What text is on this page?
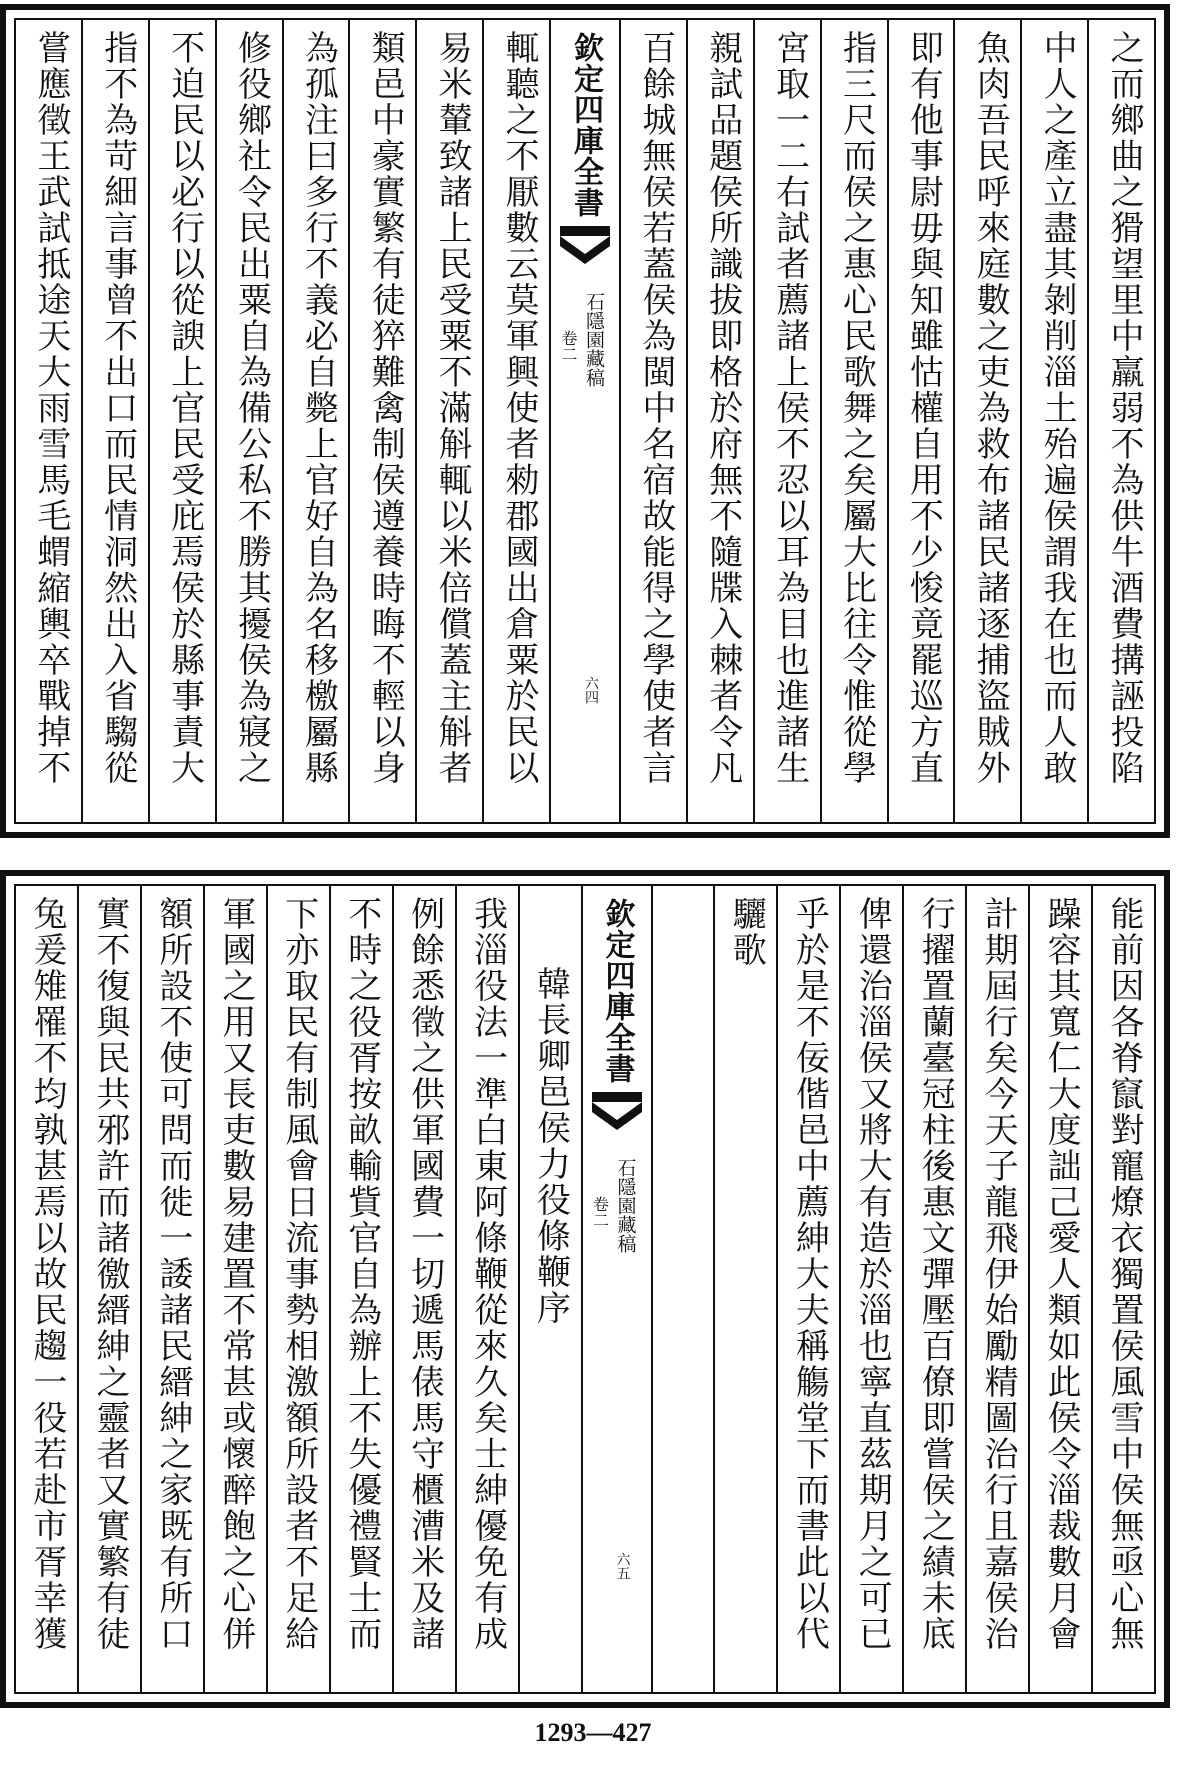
之而鄉曲之猾望里中羸弱不為供牛酒費搆誣投陷
中人之產立盡其剝削淄土殆遍侯謂我在也而人敢
魚肉吾民呼來庭數之吏為救布諸民諸逐捕盜賊外
即有他事尉毋與知雖怙權自用不少悛竟罷巡方直
指三尺而侯之惠心民歌舞之矣屬大比往令惟從學
宮取一二右試者薦諸上侯不忍以耳為目也進諸生
親試品題侯所識拔即格於府無不隨牒入棘者令凡
百餘城無侯若蓋侯為閩中名宿故能得之學使者言
欽定四庫全書
石隱園藏稿
卷二
六四
輒聽之不厭數云莫軍興使者勑郡國出倉粟於民以
易米輦致諸上民受粟不滿斛輒以米倍償蓋主斛者
類邑中豪實繁有徒猝難禽制侯遵養時晦不輕以身
為孤注曰多行不義必自斃上官好自為名移檄屬縣
修役鄉社令民出粟自為備公私不勝其擾侯為寢之
不迫民以必行以從諛上官民受庇焉侯於縣事責大
指不為苛細言事曾不出口而民情洞然出入省騶從
嘗應徵王武試抵途天大雨雪馬毛蝟縮輿卒戰掉不
能前因各脊竄對寵燎衣獨置侯風雪中侯無亟心無
躁容其寬仁大度詘己愛人類如此侯令淄裁數月會
計期屆行矣今天子龍飛伊始勵精圖治行且嘉侯治
行擢置蘭臺冠柱後惠文彈壓百僚即嘗侯之績未底
俾還治淄侯又將大有造於淄也寧直茲期月之可已
乎於是不佞偕邑中薦紳大夫稱觴堂下而書此以代
驪歌
欽定四庫全書
石隱園藏稿
卷二
六五
韓長卿邑侯力役條鞭序
我淄役法一準白東阿條鞭從來久矣士紳優免有成
例餘悉徵之供軍國費一切遞馬俵馬守櫃漕米及諸
不時之役胥按畝輸貲官自為辦上不失優禮賢士而
下亦取民有制風會日流事勢相激額所設者不足給
軍國之用又長吏數易建置不常甚或懷醉飽之心併
額所設不使可問而徙一諉諸民縉紳之家既有所口
實不復與民共邪許而諸徼縉紳之靈者又實繁有徒
兔爰雉罹不均孰甚焉以故民趨一役若赴市胥幸獲
1293—427
